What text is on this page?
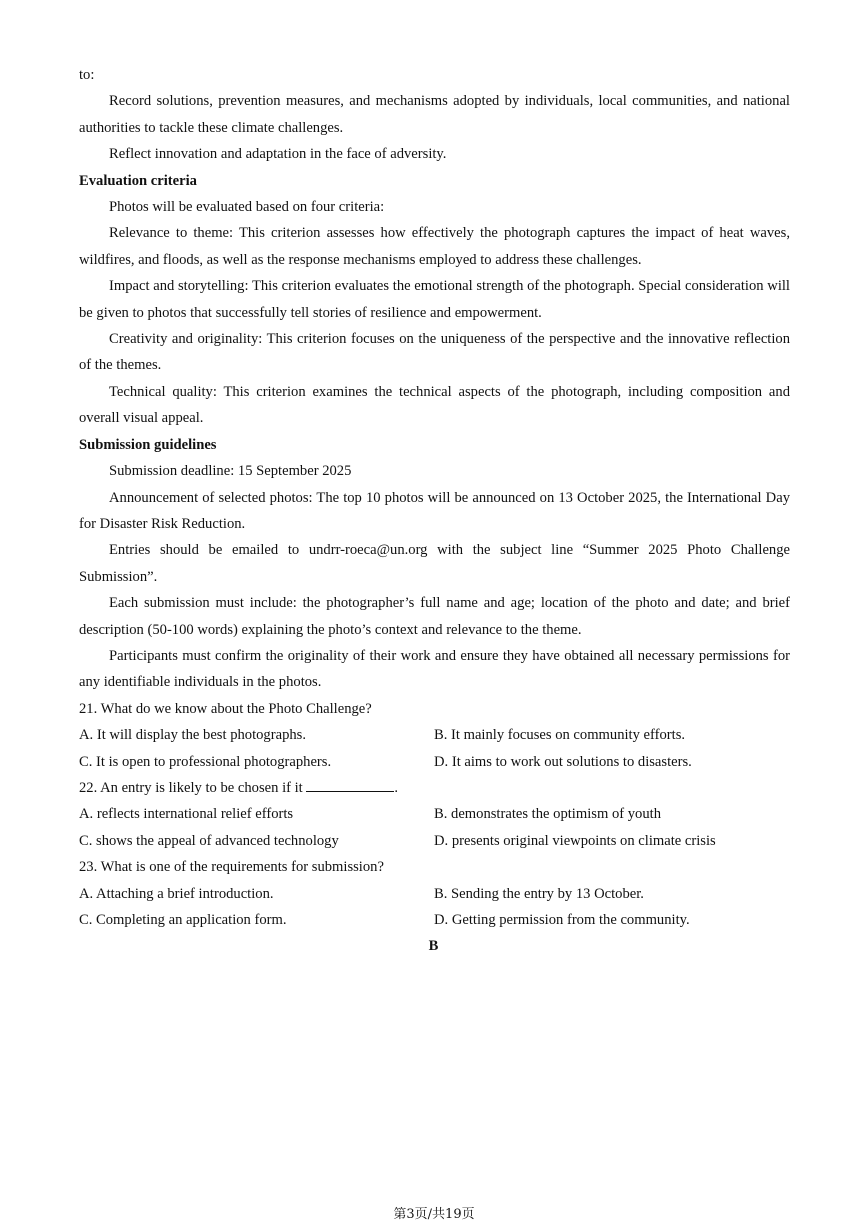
to:

Record solutions, prevention measures, and mechanisms adopted by individuals, local communities, and national authorities to tackle these climate challenges.

Reflect innovation and adaptation in the face of adversity.

Evaluation criteria

Photos will be evaluated based on four criteria:

Relevance to theme: This criterion assesses how effectively the photograph captures the impact of heat waves, wildfires, and floods, as well as the response mechanisms employed to address these challenges.

Impact and storytelling: This criterion evaluates the emotional strength of the photograph. Special consideration will be given to photos that successfully tell stories of resilience and empowerment.

Creativity and originality: This criterion focuses on the uniqueness of the perspective and the innovative reflection of the themes.

Technical quality: This criterion examines the technical aspects of the photograph, including composition and overall visual appeal.

Submission guidelines

Submission deadline: 15 September 2025

Announcement of selected photos: The top 10 photos will be announced on 13 October 2025, the International Day for Disaster Risk Reduction.

Entries should be emailed to undrr-roeca@un.org with the subject line “Summer 2025 Photo Challenge Submission”.

Each submission must include: the photographer’s full name and age; location of the photo and date; and brief description (50-100 words) explaining the photo’s context and relevance to the theme.

Participants must confirm the originality of their work and ensure they have obtained all necessary permissions for any identifiable individuals in the photos.

21. What do we know about the Photo Challenge?

A. It will display the best photographs.	B. It mainly focuses on community efforts.
C. It is open to professional photographers.	D. It aims to work out solutions to disasters.

22. An entry is likely to be chosen if it	.

A. reflects international relief efforts	B. demonstrates the optimism of youth
C. shows the appeal of advanced technology	D. presents original viewpoints on climate crisis

23. What is one of the requirements for submission?

A. Attaching a brief introduction.	B. Sending the entry by 13 October.
C. Completing an application form.	D. Getting permission from the community.

B

第3页/共19页
